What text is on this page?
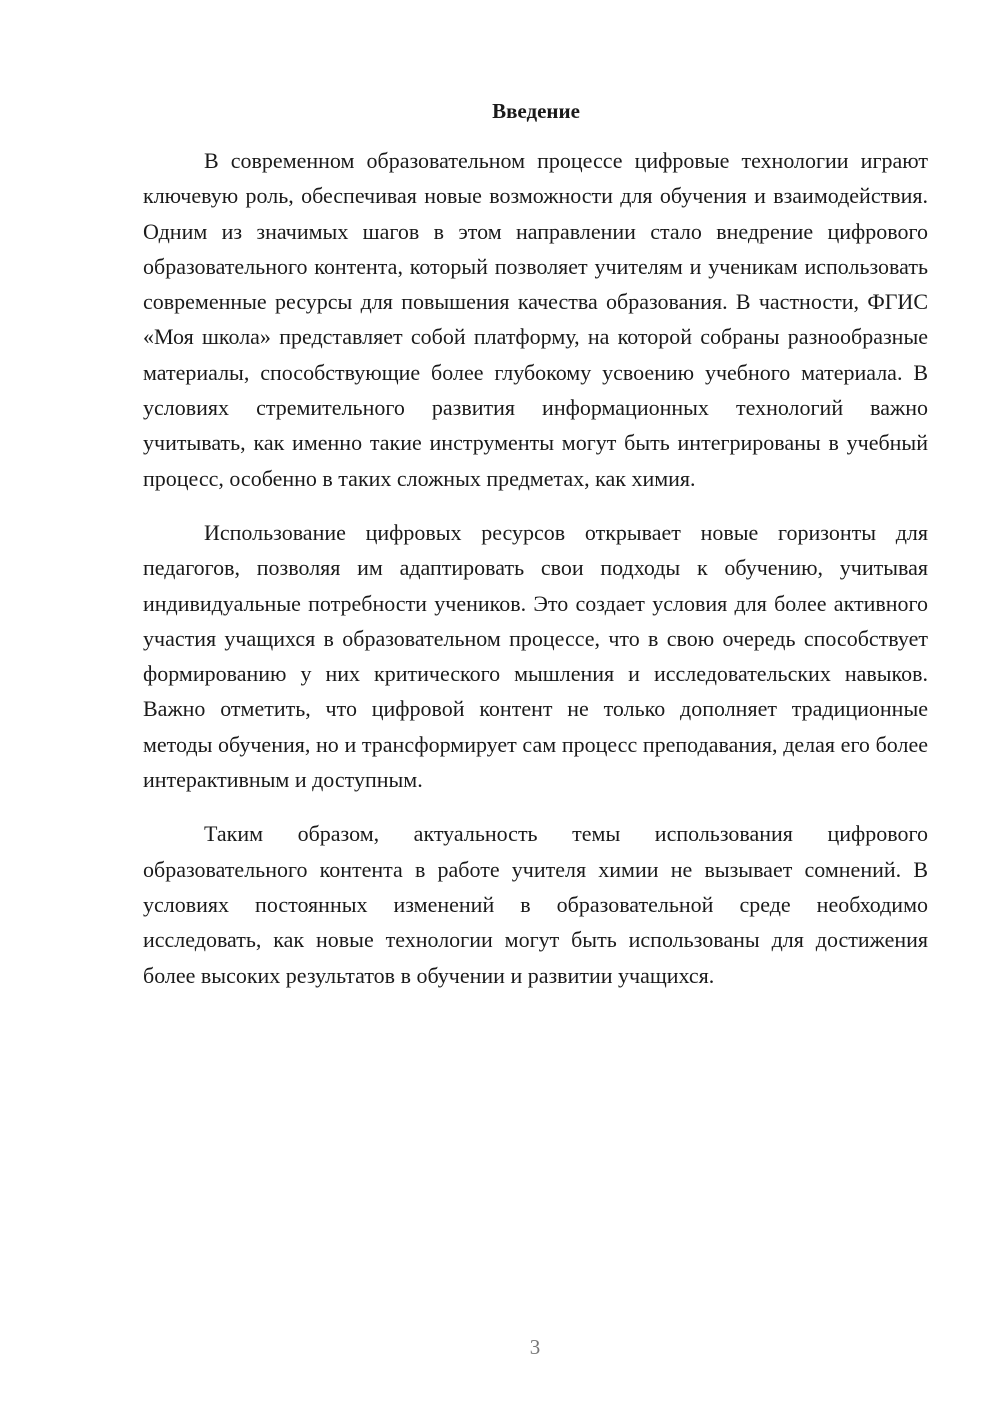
Введение

В современном образовательном процессе цифровые технологии играют ключевую роль, обеспечивая новые возможности для обучения и взаимодействия. Одним из значимых шагов в этом направлении стало внедрение цифрового образовательного контента, который позволяет учителям и ученикам использовать современные ресурсы для повышения качества образования. В частности, ФГИС «Моя школа» представляет собой платформу, на которой собраны разнообразные материалы, способствующие более глубокому усвоению учебного материала. В условиях стремительного развития информационных технологий важно учитывать, как именно такие инструменты могут быть интегрированы в учебный процесс, особенно в таких сложных предметах, как химия.

Использование цифровых ресурсов открывает новые горизонты для педагогов, позволяя им адаптировать свои подходы к обучению, учитывая индивидуальные потребности учеников. Это создает условия для более активного участия учащихся в образовательном процессе, что в свою очередь способствует формированию у них критического мышления и исследовательских навыков. Важно отметить, что цифровой контент не только дополняет традиционные методы обучения, но и трансформирует сам процесс преподавания, делая его более интерактивным и доступным.

Таким образом, актуальность темы использования цифрового образовательного контента в работе учителя химии не вызывает сомнений. В условиях постоянных изменений в образовательной среде необходимо исследовать, как новые технологии могут быть использованы для достижения более высоких результатов в обучении и развитии учащихся.

3
